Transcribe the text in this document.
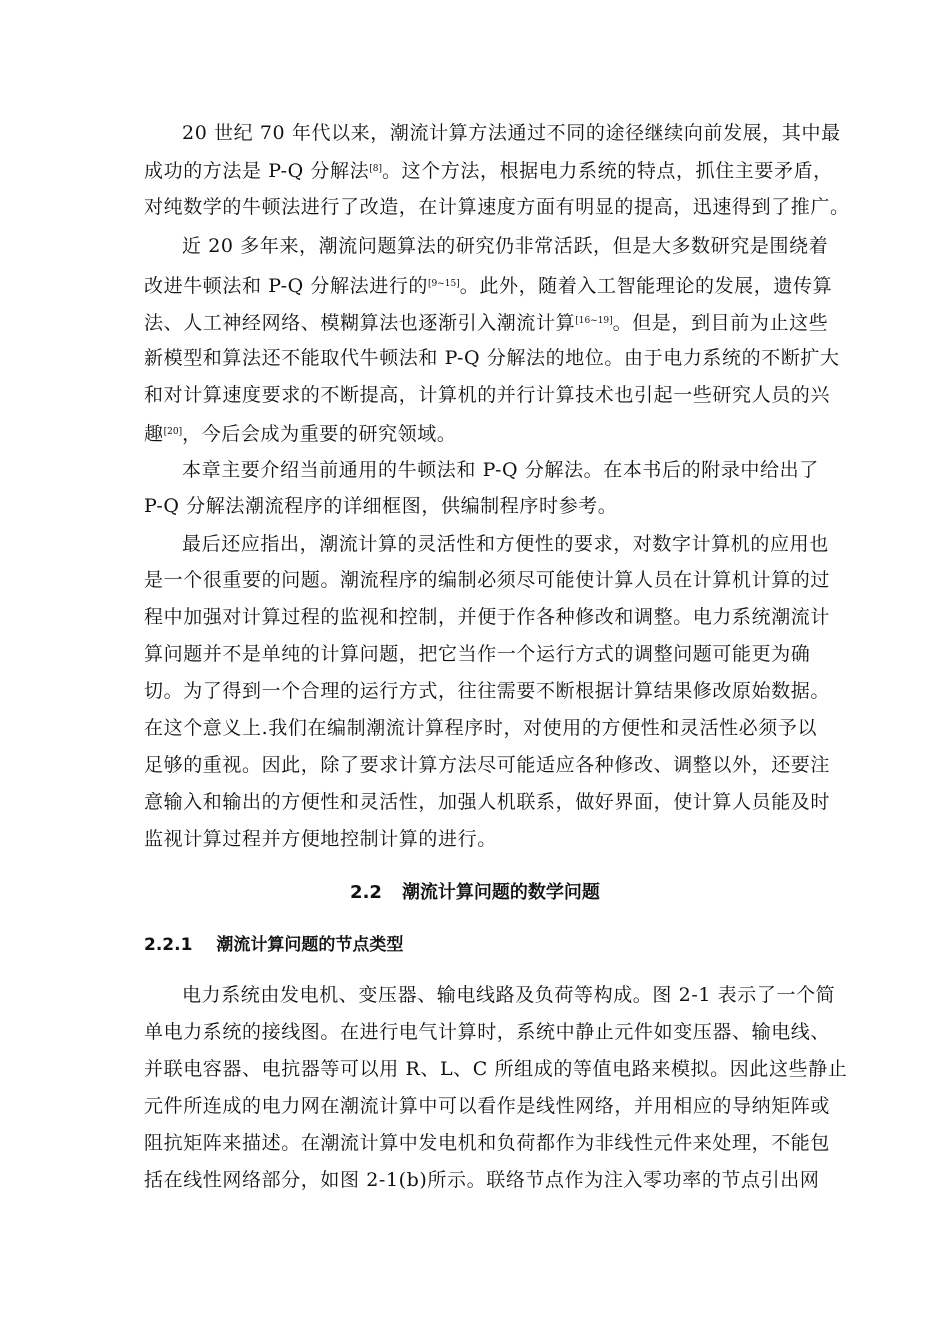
20 世纪 70 年代以来，潮流计算方法通过不同的途径继续向前发展，其中最
成功的方法是 P-Q 分解法[8]。这个方法，根据电力系统的特点，抓住主要矛盾，
对纯数学的牛顿法进行了改造，在计算速度方面有明显的提高，迅速得到了推广。
近 20 多年来，潮流问题算法的研究仍非常活跃，但是大多数研究是围绕着
改进牛顿法和 P-Q 分解法进行的[9~15]。此外，随着入工智能理论的发展，遗传算
法、人工神经网络、模糊算法也逐渐引入潮流计算[16~19]。但是，到目前为止这些
新模型和算法还不能取代牛顿法和 P-Q 分解法的地位。由于电力系统的不断扩大
和对计算速度要求的不断提高，计算机的并行计算技术也引起一些研究人员的兴
趣[20]，今后会成为重要的研究领域。
本章主要介绍当前通用的牛顿法和 P-Q 分解法。在本书后的附录中给出了
P-Q 分解法潮流程序的详细框图，供编制程序时参考。
最后还应指出，潮流计算的灵活性和方便性的要求，对数字计算机的应用也
是一个很重要的问题。潮流程序的编制必须尽可能使计算人员在计算机计算的过
程中加强对计算过程的监视和控制，并便于作各种修改和调整。电力系统潮流计
算问题并不是单纯的计算问题，把它当作一个运行方式的调整问题可能更为确
切。为了得到一个合理的运行方式，往往需要不断根据计算结果修改原始数据。
在这个意义上.我们在编制潮流计算程序时，对使用的方便性和灵活性必须予以
足够的重视。因此，除了要求计算方法尽可能适应各种修改、调整以外，还要注
意输入和输出的方便性和灵活性，加强人机联系，做好界面，使计算人员能及时
监视计算过程并方便地控制计算的进行。
2.2 潮流计算问题的数学问题
2.2.1 潮流计算问题的节点类型
电力系统由发电机、变压器、输电线路及负荷等构成。图 2-1 表示了一个简
单电力系统的接线图。在进行电气计算时，系统中静止元件如变压器、输电线、
并联电容器、电抗器等可以用 R、L、C 所组成的等值电路来模拟。因此这些静止
元件所连成的电力网在潮流计算中可以看作是线性网络，并用相应的导纳矩阵或
阻抗矩阵来描述。在潮流计算中发电机和负荷都作为非线性元件来处理，不能包
括在线性网络部分，如图 2-1(b)所示。联络节点作为注入零功率的节点引出网
